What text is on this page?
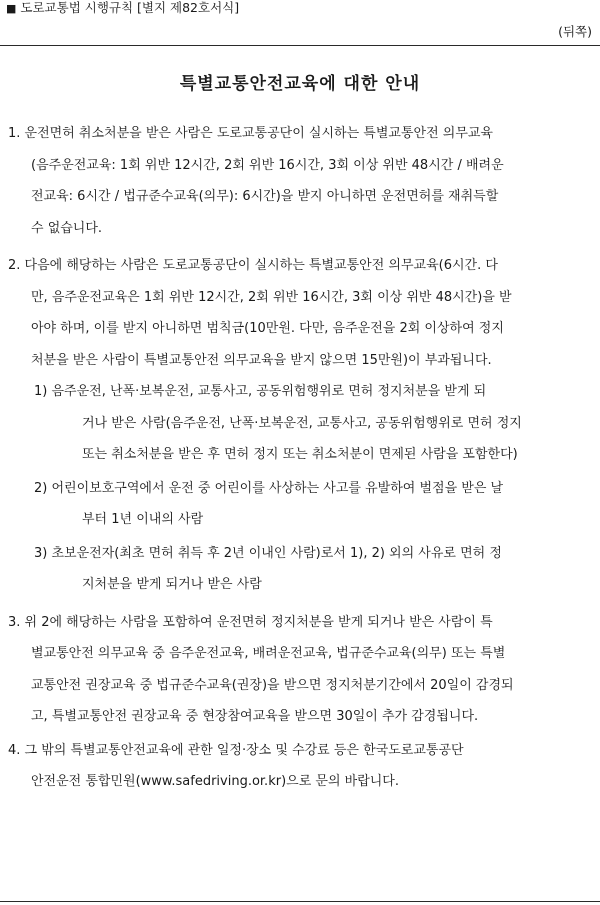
■ 도로교통법 시행규칙 [별지 제82호서식]
(뒤쪽)
특별교통안전교육에 대한 안내
1. 운전면허 취소처분을 받은 사람은 도로교통공단이 실시하는 특별교통안전 의무교육
(음주운전교육: 1회 위반 12시간, 2회 위반 16시간, 3회 이상 위반 48시간 / 배려운
전교육: 6시간 / 법규준수교육(의무): 6시간)을 받지 아니하면 운전면허를 재취득할
수 없습니다.
2. 다음에 해당하는 사람은 도로교통공단이 실시하는 특별교통안전 의무교육(6시간. 다
만, 음주운전교육은 1회 위반 12시간, 2회 위반 16시간, 3회 이상 위반 48시간)을 받
아야 하며, 이를 받지 아니하면 범칙금(10만원. 다만, 음주운전을 2회 이상하여 정지
처분을 받은 사람이 특별교통안전 의무교육을 받지 않으면 15만원)이 부과됩니다.
1) 음주운전, 난폭·보복운전, 교통사고, 공동위험행위로 면허 정지처분을 받게 되
거나 받은 사람(음주운전, 난폭·보복운전, 교통사고, 공동위험행위로 면허 정지
또는 취소처분을 받은 후 면허 정지 또는 취소처분이 면제된 사람을 포함한다)
2) 어린이보호구역에서 운전 중 어린이를 사상하는 사고를 유발하여 벌점을 받은 날
부터 1년 이내의 사람
3) 초보운전자(최초 면허 취득 후 2년 이내인 사람)로서 1), 2) 외의 사유로 면허 정
지처분을 받게 되거나 받은 사람
3. 위 2에 해당하는 사람을 포함하여 운전면허 정지처분을 받게 되거나 받은 사람이 특
별교통안전 의무교육 중 음주운전교육, 배려운전교육, 법규준수교육(의무) 또는 특별
교통안전 권장교육 중 법규준수교육(권장)을 받으면 정지처분기간에서 20일이 감경되
고, 특별교통안전 권장교육 중 현장참여교육을 받으면 30일이 추가 감경됩니다.
4. 그 밖의 특별교통안전교육에 관한 일정·장소 및 수강료 등은 한국도로교통공단
안전운전 통합민원(www.safedriving.or.kr)으로 문의 바랍니다.
